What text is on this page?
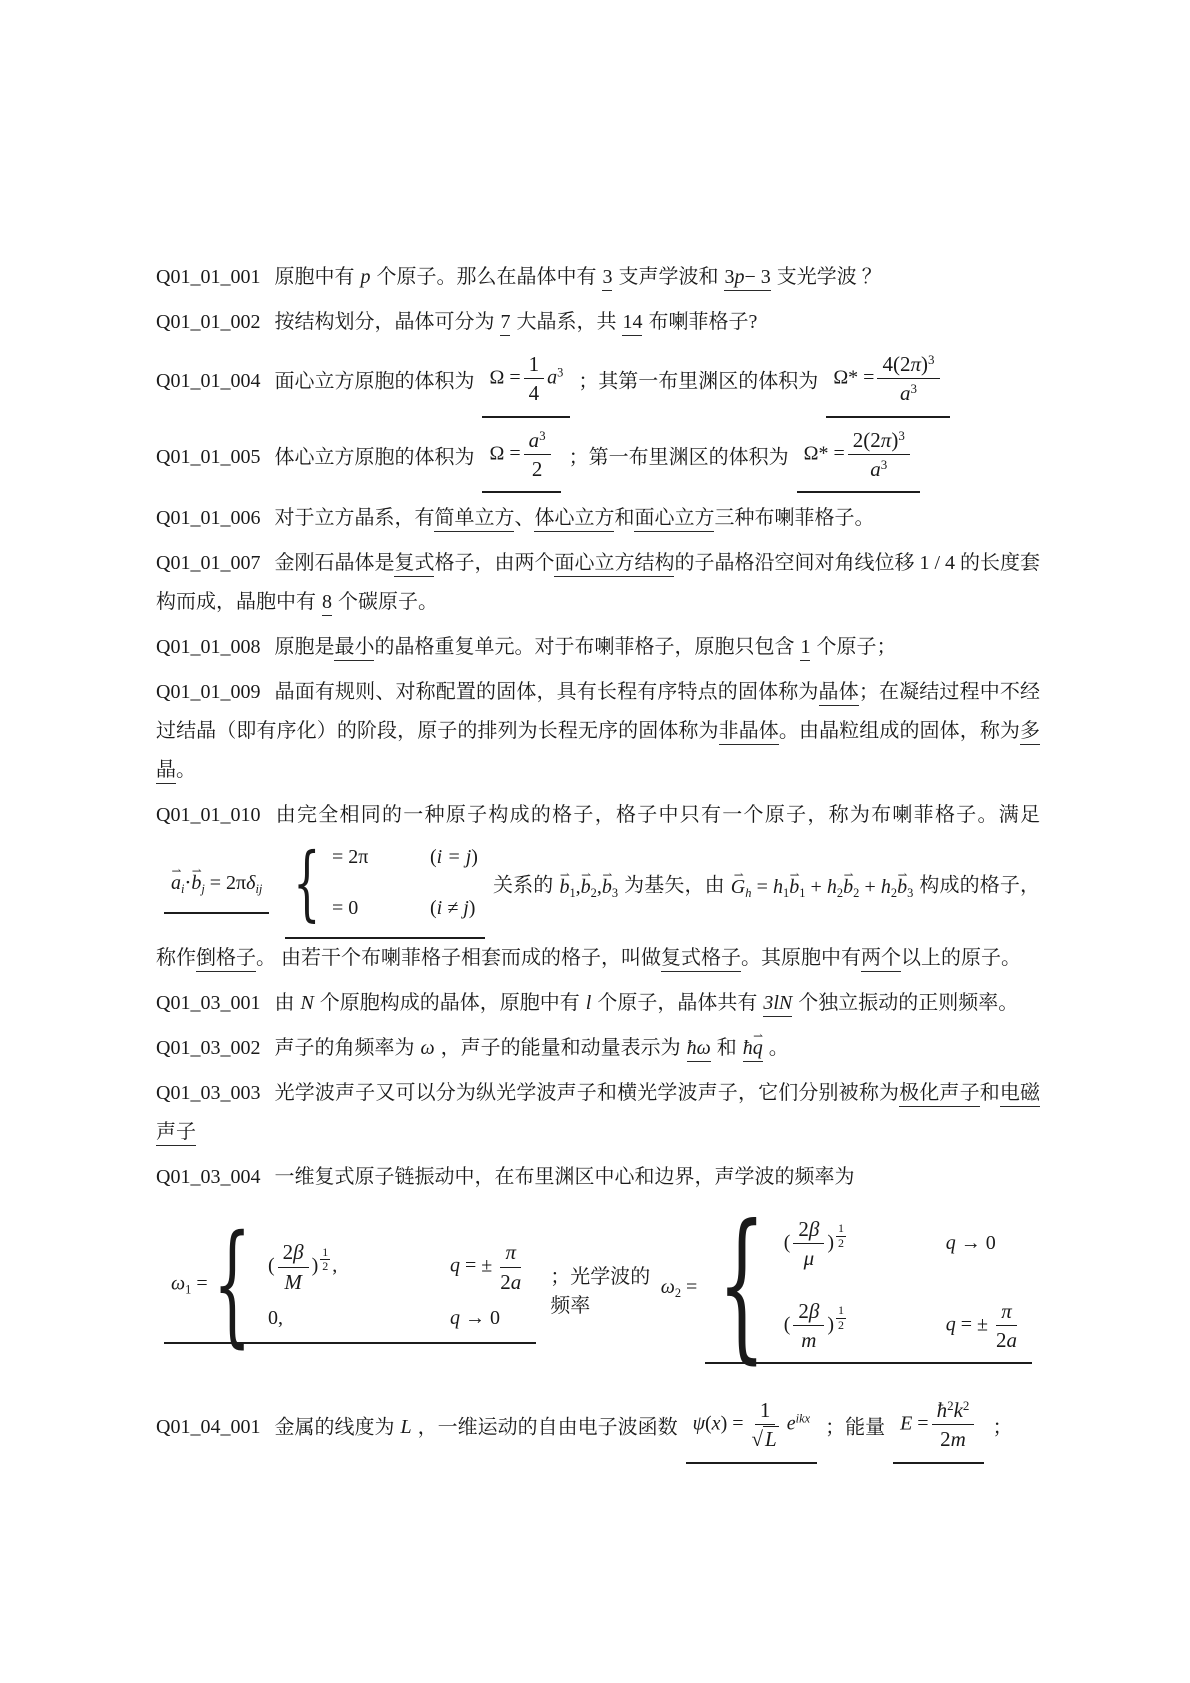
Q01_01_001 原胞中有 p 个原子。那么在晶体中有 3 支声学波和 3p− 3 支光学波 ？

Q01_01_002 按结构划分，晶体可分为 7 大晶系，共 14 布喇菲格子?

Q01_01_004 面心立方原胞的体积为 $\Omega = \frac{1}{4} a^3$ ；其第一布里渊区的体积为 $\Omega* = \frac{4(2\pi)^3}{a^3}$

Q01_01_005 体心立方原胞的体积为 $\Omega = \frac{a^3}{2}$ ；第一布里渊区的体积为 $\Omega* = \frac{2(2\pi)^3}{a^3}$

Q01_01_006 对于立方晶系，有简单立方、体心立方和面心立方三种布喇菲格子。

Q01_01_007 金刚石晶体是复式格子，由两个面心立方结构的子晶格沿空间对角线位移 1 / 4 的长度套构而成，晶胞中有 8 个碳原子。

Q01_01_008 原胞是最小的晶格重复单元。对于布喇菲格子，原胞只包含 1 个原子；

Q01_01_009 晶面有规则、对称配置的固体，具有长程有序特点的固体称为晶体；在凝结过程中不经过结晶（即有序化）的阶段，原子的排列为长程无序的固体称为非晶体。由晶粒组成的固体，称为多晶。

Q01_01_010 由完全相同的一种原子构成的格子，格子中只有一个原子，称为布喇菲格子。满足⇀ $a_i\cdot⇀$ $b_j = 2\pi\delta_{ij}$ { = 2π	(i = j)
= 0	(i ≠ j)
关系的 ⇀ $b_1,⇀$ $b_2,⇀$ $b_3$ 为基矢，由 ⇀ $G_h$ = $h_1⇀$ $b_1$ + $h_2⇀$ $b_2$ + $h_2⇀$ $b_3$ 构成的格子，称作倒格子。 由若干个布喇菲格子相套而成的格子，叫做复式格子。其原胞中有两个以上的原子。

Q01_03_001 由 N 个原胞构成的晶体，原胞中有 l 个原子，晶体共有 3lN 个独立振动的正则频率。

Q01_03_002 声子的角频率为 ω ，声子的能量和动量表示为 ħω 和 ħ⇀ q 。

Q01_03_003 光学波声子又可以分为纵光学波声子和横光学波声子，它们分别被称为极化声子和电磁声子

Q01_03_004 一维复式原子链振动中，在布里渊区中心和边界，声学波的频率为

$\omega_1$ ={ ( $\frac{2\beta}{M}$ ) $\frac{1}{2}$ ,	q = ± $\frac{\pi}{2a}$
0,	q → 0
；光学波的频率
$\omega_2$ = { ( $\frac{2\beta}{\mu}$ ) $\frac{1}{2}$	q → 0
( $\frac{2\beta}{m}$ ) $\frac{1}{2}$	q = ± $\frac{\pi}{2a}$

Q01_04_001 金属的线度为 L ，一维运动的自由电子波函数 $\psi(x) = \frac{1}{√L} e^{ikx}$ ；能量 $E = \frac{ħ^2k^2}{2m}$ ；
